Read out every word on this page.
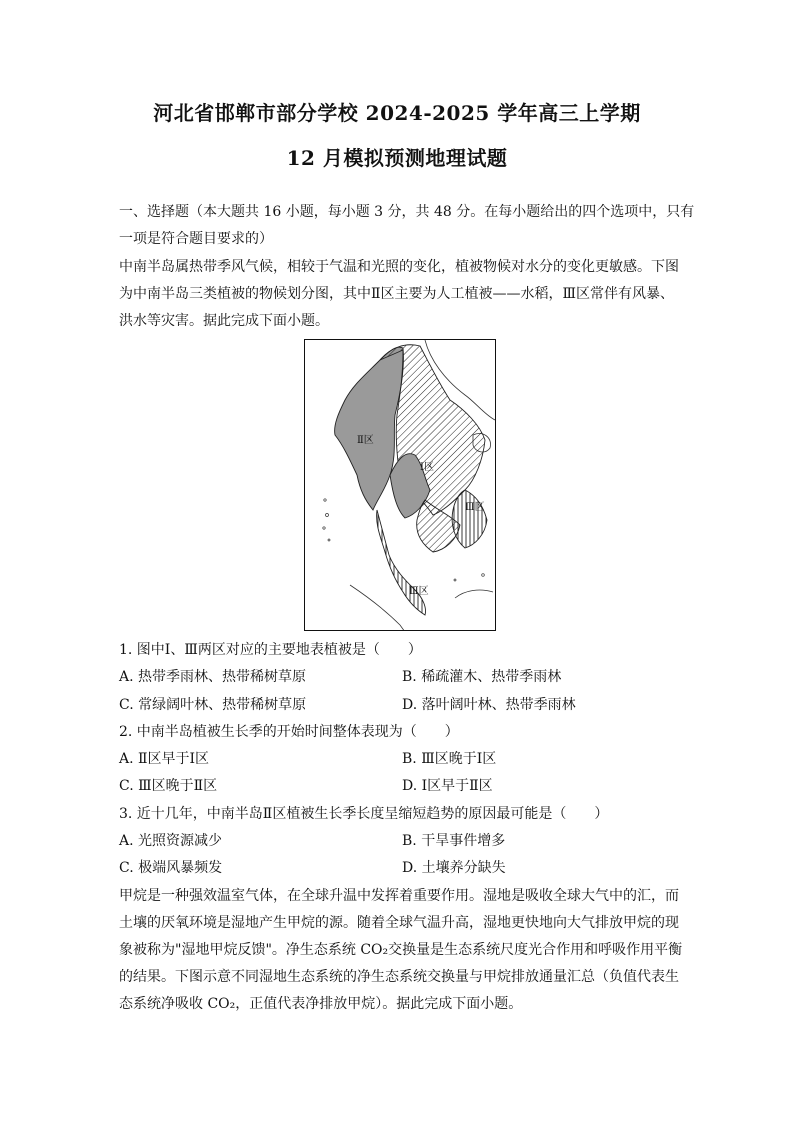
河北省邯郸市部分学校 2024-2025 学年高三上学期
12 月模拟预测地理试题
一、选择题（本大题共 16 小题，每小题 3 分，共 48 分。在每小题给出的四个选项中，只有
一项是符合题目要求的）
中南半岛属热带季风气候，相较于气温和光照的变化，植被物候对水分的变化更敏感。下图
为中南半岛三类植被的物候划分图，其中Ⅱ区主要为人工植被——水稻，Ⅲ区常伴有风暴、
洪水等灾害。据此完成下面小题。
Ⅱ区
Ⅰ区
Ⅲ区
Ⅲ区
1. 图中Ⅰ、Ⅲ两区对应的主要地表植被是（　　）
A. 热带季雨林、热带稀树草原	B. 稀疏灌木、热带季雨林
C. 常绿阔叶林、热带稀树草原	D. 落叶阔叶林、热带季雨林
2. 中南半岛植被生长季的开始时间整体表现为（　　）
A. Ⅱ区早于Ⅰ区	B. Ⅲ区晚于Ⅰ区
C. Ⅲ区晚于Ⅱ区	D. Ⅰ区早于Ⅱ区
3. 近十几年，中南半岛Ⅱ区植被生长季长度呈缩短趋势的原因最可能是（　　）
A. 光照资源减少	B. 干旱事件增多
C. 极端风暴频发	D. 土壤养分缺失
甲烷是一种强效温室气体，在全球升温中发挥着重要作用。湿地是吸收全球大气中的汇，而
土壤的厌氧环境是湿地产生甲烷的源。随着全球气温升高，湿地更快地向大气排放甲烷的现
象被称为"湿地甲烷反馈"。净生态系统 CO₂交换量是生态系统尺度光合作用和呼吸作用平衡
的结果。下图示意不同湿地生态系统的净生态系统交换量与甲烷排放通量汇总（负值代表生
态系统净吸收 CO₂，正值代表净排放甲烷）。据此完成下面小题。
